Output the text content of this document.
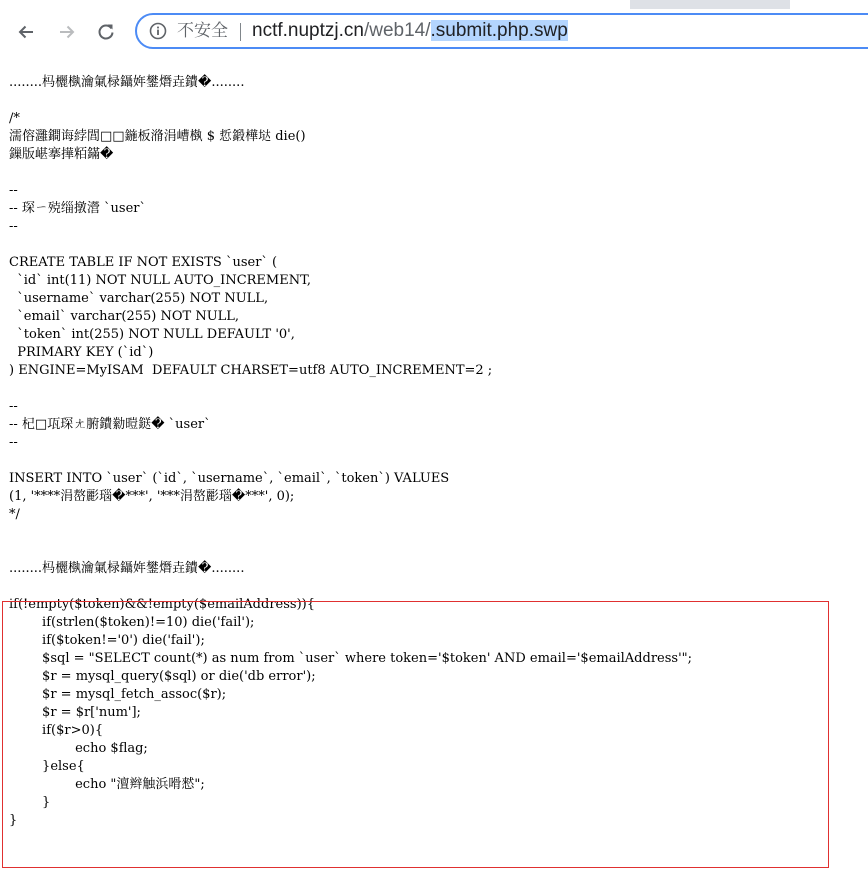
不安全 nctf.nuptzj.cn/web14/.submit.php.swp
........杩欐槸瀹氭椂鑷姩鐢熸垚鐨�........
/*
濡傛灉鐧诲綍閭□□鍦板潃涓嶆槸 $ 悊鍛樺垯 die()
鏁版嵁搴撶粨鏋�
--
-- 琛ㄧ殑缁撴瀯 `user`
--
CREATE TABLE IF NOT EXISTS `user` (
`id` int(11) NOT NULL AUTO_INCREMENT,
`username` varchar(255) NOT NULL,
`email` varchar(255) NOT NULL,
`token` int(255) NOT NULL DEFAULT '0',
PRIMARY KEY (`id`)
) ENGINE=MyISAM  DEFAULT CHARSET=utf8 AUTO_INCREMENT=2 ;
--
-- 杞□瓨琛ㄤ腑鐨勬暟鎹� `user`
--
INSERT INTO `user` (`id`, `username`, `email`, `token`) VALUES
(1, '****涓嶅彲瑙�***', '***涓嶅彲瑙�***', 0);
*/
........杩欐槸瀹氭椂鑷姩鐢熸垚鐨�........
if(!empty($token)&&!empty($emailAddress)){
if(strlen($token)!=10) die('fail');
if($token!='0') die('fail');
$sql = "SELECT count(*) as num from `user` where token='$token' AND email='$emailAddress'";
$r = mysql_query($sql) or die('db error');
$r = mysql_fetch_assoc($r);
$r = $r['num'];
if($r>0){
echo $flag;
}else{
echo "澶辫触浜嗗憖";
}
}
